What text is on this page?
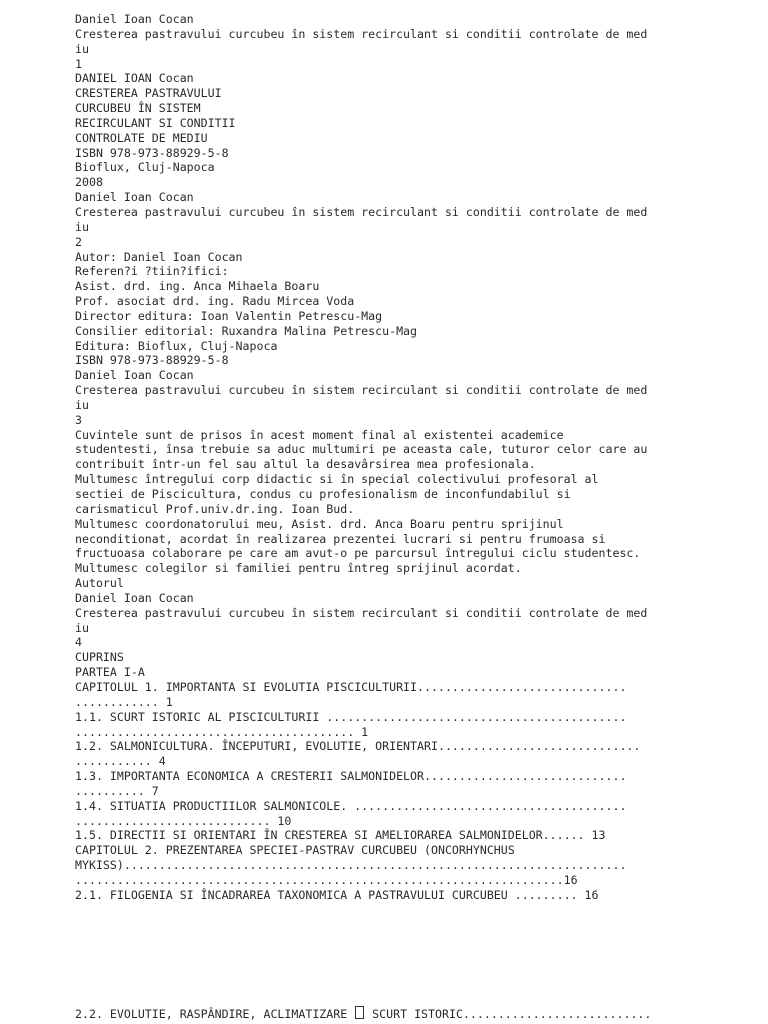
Daniel Ioan Cocan
Cresterea pastravului curcubeu în sistem recirculant si conditii controlate de med
iu
1
DANIEL IOAN Cocan
CRESTEREA PASTRAVULUI
CURCUBEU ÎN SISTEM
RECIRCULANT SI CONDITII
CONTROLATE DE MEDIU
ISBN 978-973-88929-5-8
Bioflux, Cluj-Napoca
2008
Daniel Ioan Cocan
Cresterea pastravului curcubeu în sistem recirculant si conditii controlate de med
iu
2
Autor: Daniel Ioan Cocan
Referen?i ?tiin?ifici:
Asist. drd. ing. Anca Mihaela Boaru
Prof. asociat drd. ing. Radu Mircea Voda
Director editura: Ioan Valentin Petrescu-Mag
Consilier editorial: Ruxandra Malina Petrescu-Mag
Editura: Bioflux, Cluj-Napoca
ISBN 978-973-88929-5-8
Daniel Ioan Cocan
Cresterea pastravului curcubeu în sistem recirculant si conditii controlate de med
iu
3
Cuvintele sunt de prisos în acest moment final al existentei academice
studentesti, însa trebuie sa aduc multumiri pe aceasta cale, tuturor celor care au
contribuit într-un fel sau altul la desavârsirea mea profesionala.
Multumesc întregului corp didactic si în special colectivului profesoral al
sectiei de Piscicultura, condus cu profesionalism de inconfundabilul si
carismaticul Prof.univ.dr.ing. Ioan Bud.
Multumesc coordonatorului meu, Asist. drd. Anca Boaru pentru sprijinul
neconditionat, acordat în realizarea prezentei lucrari si pentru frumoasa si
fructuoasa colaborare pe care am avut-o pe parcursul întregului ciclu studentesc.
Multumesc colegilor si familiei pentru întreg sprijinul acordat.
Autorul
Daniel Ioan Cocan
Cresterea pastravului curcubeu în sistem recirculant si conditii controlate de med
iu
4
CUPRINS
PARTEA I-A
CAPITOLUL 1. IMPORTANTA SI EVOLUTIA PISCICULTURII..............................
............ 1
1.1. SCURT ISTORIC AL PISCICULTURII ...........................................
........................................ 1
1.2. SALMONICULTURA. ÎNCEPUTURI, EVOLUTIE, ORIENTARI.............................
........... 4
1.3. IMPORTANTA ECONOMICA A CRESTERII SALMONIDELOR.............................
.......... 7
1.4. SITUATIA PRODUCTIILOR SALMONICOLE. .......................................
............................ 10
1.5. DIRECTII SI ORIENTARI ÎN CRESTEREA SI AMELIORAREA SALMONIDELOR...... 13
CAPITOLUL 2. PREZENTAREA SPECIEI-PASTRAV CURCUBEU (ONCORHYNCHUS
MYKISS)........................................................................
......................................................................16
2.1. FILOGENIA SI ÎNCADRAREA TAXONOMICA A PASTRAVULUI CURCUBEU ......... 16
2.2. EVOLUTIE, RASPÂNDIRE, ACLIMATIZARE  SCURT ISTORIC...........................
